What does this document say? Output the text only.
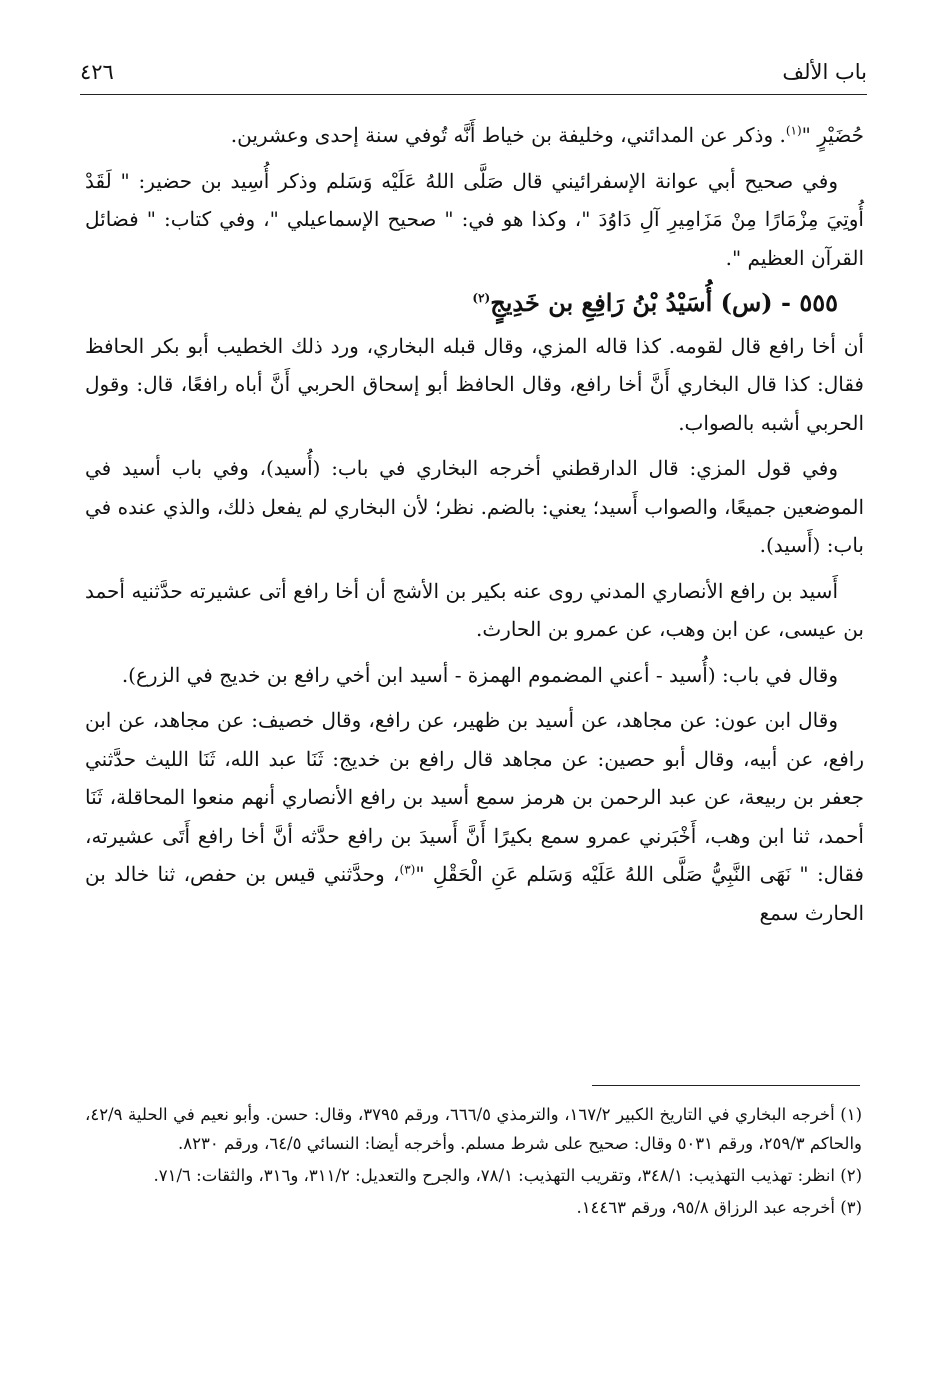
باب الألف
٤٢٦

حُضَيْرٍ "$^{(١)}$. وذكر عن المدائني، وخليفة بن خياط أَنَّه تُوفي سنة إحدى وعشرين.

وفي صحيح أبي عوانة الإسفرائيني قال صَلَّى اللهُ عَلَيْه وَسَلم وذكر أُسِيد بن حضير: " لَقَدْ أُوتِيَ مِزْمَارًا مِنْ مَزَامِيرِ آلِ دَاوُدَ "، وكذا هو في: " صحيح الإسماعيلي "، وفي كتاب: " فضائل القرآن العظيم ".

٥٥٥ - (س) أُسَيْدُ بْنُ رَافِعِ بن خَدِيجٍ$^{(٢)}$

أن أخا رافع قال لقومه. كذا قاله المزي، وقال قبله البخاري، ورد ذلك الخطيب أبو بكر الحافظ فقال: كذا قال البخاري أَنَّ أخا رافع، وقال الحافظ أبو إسحاق الحربي أَنَّ أباه رافعًا، قال: وقول الحربي أشبه بالصواب.

وفي قول المزي: قال الدارقطني أخرجه البخاري في باب: (أُسيد)، وفي باب أسيد في الموضعين جميعًا، والصواب أَسيد؛ يعني: بالضم. نظر؛ لأن البخاري لم يفعل ذلك، والذي عنده في باب: (أَسيد).

أَسيد بن رافع الأنصاري المدني روى عنه بكير بن الأشج أن أخا رافع أتى عشيرته حدَّثنيه أحمد بن عيسى، عن ابن وهب، عن عمرو بن الحارث.

وقال في باب: (أُسيد - أعني المضموم الهمزة - أسيد ابن أخي رافع بن خديج في الزرع).

وقال ابن عون: عن مجاهد، عن أسيد بن ظهير، عن رافع، وقال خصيف: عن مجاهد، عن ابن رافع، عن أبيه، وقال أبو حصين: عن مجاهد قال رافع بن خديج: ثَنَا عبد الله، ثَنَا الليث حدَّثني جعفر بن ربيعة، عن عبد الرحمن بن هرمز سمع أسيد بن رافع الأنصاري أنهم منعوا المحاقلة، ثَنَا أحمد، ثنا ابن وهب، أَخْبَرني عمرو سمع بكيرًا أَنَّ أَسيدَ بن رافع حدَّثه أنَّ أخا رافع أَتَى عشيرته، فقال: " نَهَى النَّبِيُّ صَلَّى اللهُ عَلَيْه وَسَلم عَنِ الْحَقْلِ "$^{(٣)}$، وحدَّثني قيس بن حفص، ثنا خالد بن الحارث سمع

(١) أخرجه البخاري في التاريخ الكبير ١٦٧/٢، والترمذي ٦٦٦/٥، ورقم ٣٧٩٥، وقال: حسن. وأبو نعيم في الحلية ٤٢/٩، والحاكم ٢٥٩/٣، ورقم ٥٠٣١ وقال: صحيح على شرط مسلم. وأخرجه أيضا: النسائي ٦٤/٥، ورقم ٨٢٣٠.

(٢) انظر: تهذيب التهذيب: ٣٤٨/١، وتقريب التهذيب: ٧٨/١، والجرح والتعديل: ٣١١/٢، و٣١٦، والثقات: ٧١/٦.

(٣) أخرجه عبد الرزاق ٩٥/٨، ورقم ١٤٤٦٣.
